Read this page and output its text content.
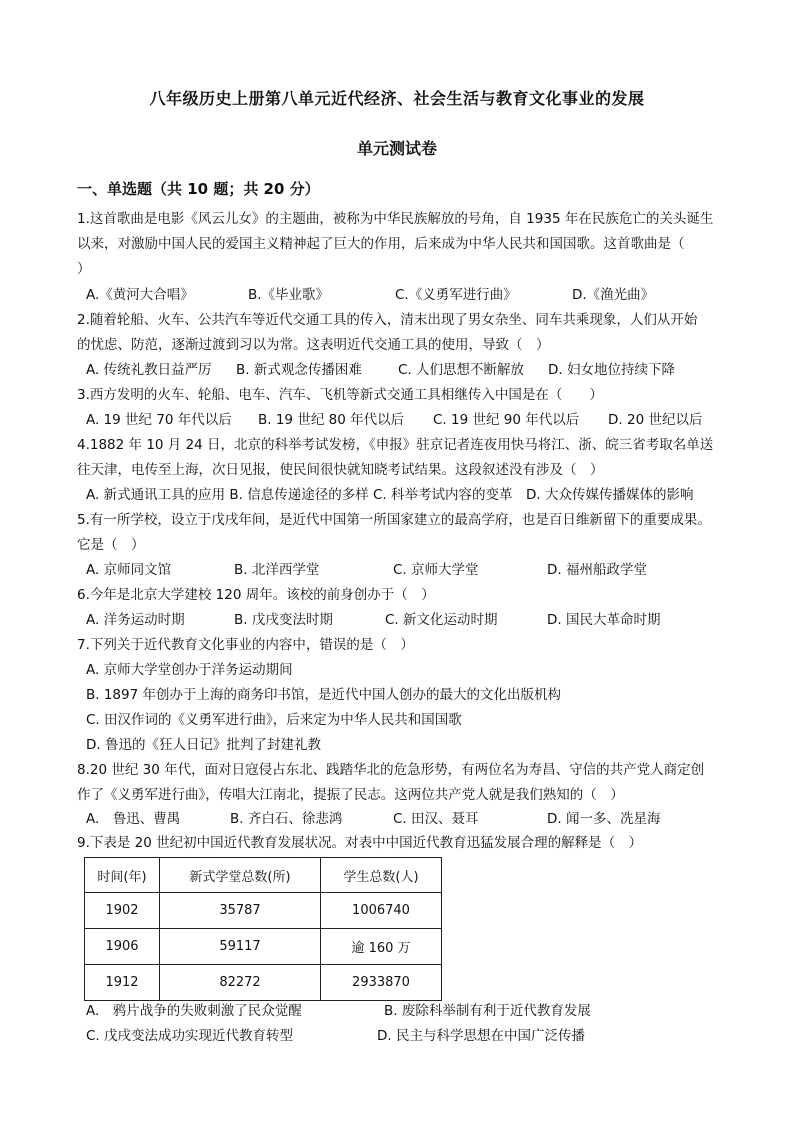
八年级历史上册第八单元近代经济、社会生活与教育文化事业的发展
单元测试卷
一、单选题（共 10 题；共 20 分）
1.这首歌曲是电影《风云儿女》的主题曲，被称为中华民族解放的号角，自 1935 年在民族危亡的关头诞生
以来，对激励中国人民的爱国主义精神起了巨大的作用，后来成为中华人民共和国国歌。这首歌曲是（
）
A.《黄河大合唱》	B.《毕业歌》	C.《义勇军进行曲》	D.《渔光曲》
2.随着轮船、火车、公共汽车等近代交通工具的传入，清末出现了男女杂坐、同车共乘现象，人们从开始
的忧虑、防范，逐渐过渡到习以为常。这表明近代交通工具的使用，导致（　）
A. 传统礼教日益严厉 B. 新式观念传播困难	C. 人们思想不断解放 D. 妇女地位持续下降
3.西方发明的火车、轮船、电车、汽车、飞机等新式交通工具相继传入中国是在（　　）
A. 19 世纪 70 年代以后 B. 19 世纪 80 年代以后 C. 19 世纪 90 年代以后 D. 20 世纪以后
4.1882 年 10 月 24 日，北京的科举考试发榜，《申报》驻京记者连夜用快马将江、浙、皖三省考取名单送
往天津，电传至上海，次日见报，使民间很快就知晓考试结果。这段叙述没有涉及（　）
A. 新式通讯工具的应用 B. 信息传递途径的多样 C. 科举考试内容的变革　D. 大众传媒传播媒体的影响
5.有一所学校，设立于戊戌年间，是近代中国第一所国家建立的最高学府，也是百日维新留下的重要成果。
它是（　）
A. 京师同文馆	B. 北洋西学堂	C. 京师大学堂	D. 福州船政学堂
6.今年是北京大学建校 120 周年。该校的前身创办于（　）
A. 洋务运动时期	B. 戊戌变法时期	C. 新文化运动时期	D. 国民大革命时期
7.下列关于近代教育文化事业的内容中，错误的是（　）
A. 京师大学堂创办于洋务运动期间
B. 1897 年创办于上海的商务印书馆，是近代中国人创办的最大的文化出版机构
C. 田汉作词的《义勇军进行曲》，后来定为中华人民共和国国歌
D. 鲁迅的《狂人日记》批判了封建礼教
8.20 世纪 30 年代，面对日寇侵占东北、践踏华北的危急形势，有两位名为寿昌、守信的共产党人商定创
作了《义勇军进行曲》，传唱大江南北，提振了民志。这两位共产党人就是我们熟知的（　）
A.　鲁迅、曹禺	B. 齐白石、徐悲鸿	C. 田汉、聂耳	D. 闻一多、冼星海
9.下表是 20 世纪初中国近代教育发展状况。对表中中国近代教育迅猛发展合理的解释是（　）
时间(年)	新式学堂总数(所)	学生总数(人)
1902	35787	1006740
1906	59117	逾 160 万
1912	82272	2933870
A.　鸦片战争的失败刺激了民众觉醒	B. 废除科举制有利于近代教育发展
C. 戊戌变法成功实现近代教育转型	D. 民主与科学思想在中国广泛传播
